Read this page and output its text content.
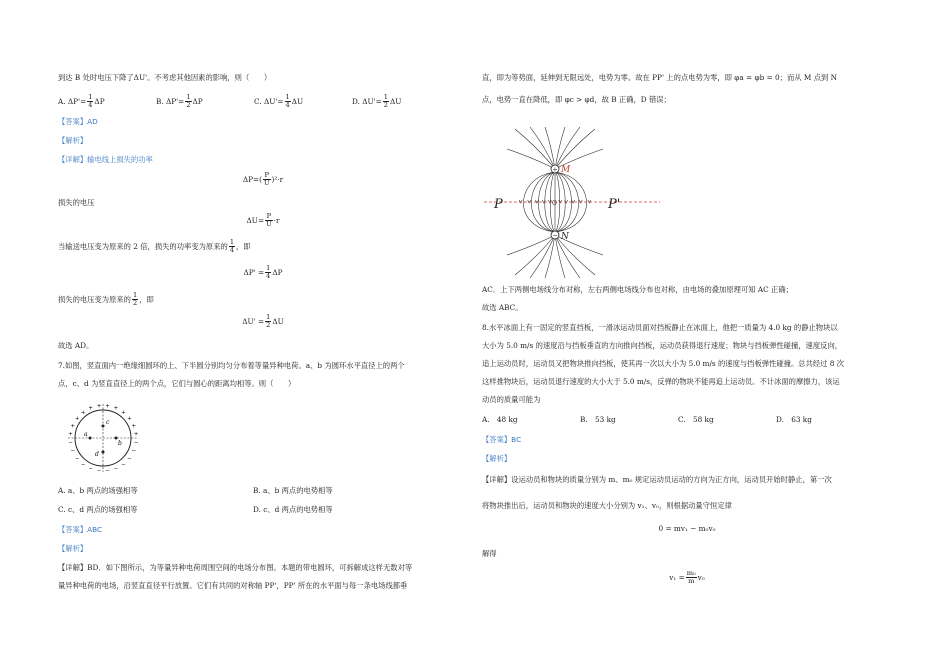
到达 B 处时电压下降了ΔU'。不考虑其他因素的影响，则（　　）
A. $\Delta P'= \frac{1}{4}$ ΔP	B. $\Delta P'= \frac{1}{2}$ ΔP	C. $\Delta U'= \frac{1}{4}$ ΔU	D. $\Delta U'= \frac{1}{2}$ ΔU
【答案】AD
【解析】
【详解】输电线上损失的功率
$\Delta P=( \frac{P}{U} )^2\cdot r$
损失的电压
$\Delta U= \frac{P}{U} \cdot r$
当输送电压变为原来的 2 倍，损失的功率变为原来的 $\frac{1}{4}$ ，即
$\Delta P' = \frac{1}{4}$ ΔP
损失的电压变为原来的 $\frac{1}{2}$ ，即
$\Delta U' = \frac{1}{2}$ ΔU
故选 AD。
7.如图，竖直面内一绝缘细圆环的上、下半圆分别均匀分布着等量异种电荷。a、b 为圆环水平直径上的两个
点，c、d 为竖直直径上的两个点，它们与圆心的距离均相等。则（　　）
+
−
+
−
+
−
+
−
+
−
+
−
+
−
+
−
+
−
+
−
+
−
+
−
a
b
c
d
A. a、b 两点的场强相等	B. a、b 两点的电势相等
C. c、d 两点的场强相等	D. c、d 两点的电势相等
【答案】ABC
【解析】
【详解】BD．如下图所示，为等量异种电荷周围空间的电场分布图。本题的带电圆环，可拆解成这样无数对等
量异种电荷的电场，沿竖直直径平行放置。它们有共同的对称轴 PP'，PP' 所在的水平面与每一条电场线都垂
直，即为等势面，延伸到无限远处，电势为零。故在 PP' 上的点电势为零，即 φa = φb = 0；而从 M 点到 N
点，电势一直在降低，即 φc > φd，故 B 正确，D 错误；
+
−
M
N
P	P'
O
AC．上下两侧电场线分布对称，左右两侧电场线分布也对称，由电场的叠加原理可知 AC 正确；
故选 ABC。
8.水平冰面上有一固定的竖直挡板，一滑冰运动员面对挡板静止在冰面上，他把一质量为 4.0 kg 的静止物块以
大小为 5.0 m/s 的速度沿与挡板垂直的方向推向挡板，运动员获得退行速度；物块与挡板弹性碰撞，速度反向，
追上运动员时，运动员又把物块推向挡板，使其再一次以大小为 5.0 m/s 的速度与挡板弹性碰撞。总共经过 8 次
这样推物块后，运动员退行速度的大小大于 5.0 m/s，反弹的物块不能再追上运动员。不计冰面的摩擦力，该运
动员的质量可能为
A.　48 kg	B.　53 kg	C.　58 kg	D.　63 kg
【答案】BC
【解析】
【详解】设运动员和物块的质量分别为 m、m₀ 规定运动员运动的方向为正方向，运动员开始时静止，第一次
将物块推出后，运动员和物块的速度大小分别为 v₁、v₀，则根据动量守恒定律
0 = mv₁ − m₀v₀
解得
$v_1 = \frac{\text{m₀}}{m} v_0$
